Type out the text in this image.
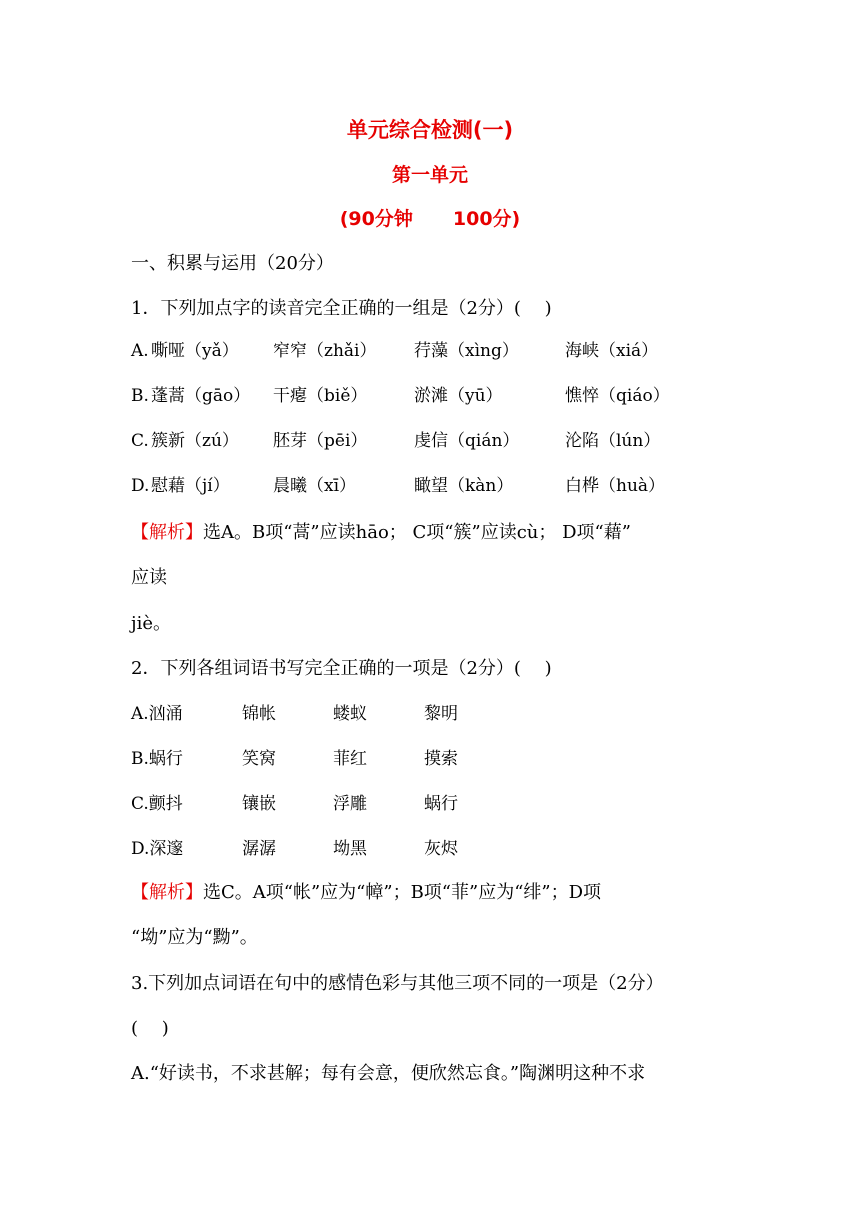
单元综合检测(一)
第一单元
(90分钟 100分)
一、积累与运用（20分）
1．下列加点字的读音完全正确的一组是（2分）(　 )
A. 嘶哑（yǎ） 窄窄（zhǎi） 荇藻（xìng）	海峡（xiá）
B. 蓬蒿（gāo） 干瘪（biě）	淤滩（yū）	憔悴（qiáo）
C. 簇新（zú） 胚芽（pēi）	虔信（qián）	沦陷（lún）
D. 慰藉（jí）	晨曦（xī）	瞰望（kàn）	白桦（huà）
【解析】选A。B项“蒿”应读hāo； C项“簇”应读cù； D项“藉”
应读
jiè。
2．下列各组词语书写完全正确的一项是（2分）(　 )
A.汹涌	锦帐	蝼蚁	黎明
B.蜗行	笑窝	菲红	摸索
C.颤抖	镶嵌	浮雕	蜗行
D.深邃	潺潺	坳黑	灰烬
【解析】选C。A项“帐”应为“幛”；B项“菲”应为“绯”；D项
“坳”应为“黝”。
3.下列加点词语在句中的感情色彩与其他三项不同的一项是（2分）
(　 )
A.“好读书，不求甚解；每有会意，便欣然忘食。”陶渊明这种不求
